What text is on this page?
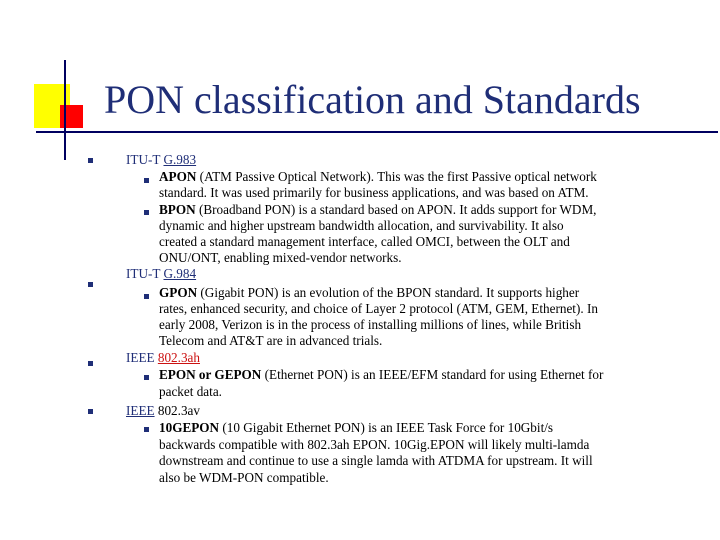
PON classification and Standards
ITU-T G.983
APON (ATM Passive Optical Network). This was the first Passive optical network
standard. It was used primarily for business applications, and was based on ATM.
BPON (Broadband PON) is a standard based on APON. It adds support for WDM,
dynamic and higher upstream bandwidth allocation, and survivability. It also
created a standard management interface, called OMCI, between the OLT and
ONU/ONT, enabling mixed-vendor networks.
ITU-T G.984
GPON (Gigabit PON) is an evolution of the BPON standard. It supports higher
rates, enhanced security, and choice of Layer 2 protocol (ATM, GEM, Ethernet). In
early 2008, Verizon is in the process of installing millions of lines, while British
Telecom and AT&T are in advanced trials.
IEEE 802.3ah
EPON or GEPON (Ethernet PON) is an IEEE/EFM standard for using Ethernet for
packet data.
IEEE 802.3av
10GEPON (10 Gigabit Ethernet PON) is an IEEE Task Force for 10Gbit/s
backwards compatible with 802.3ah EPON. 10Gig.EPON will likely multi-lamda
downstream and continue to use a single lamda with ATDMA for upstream. It will
also be WDM-PON compatible.
